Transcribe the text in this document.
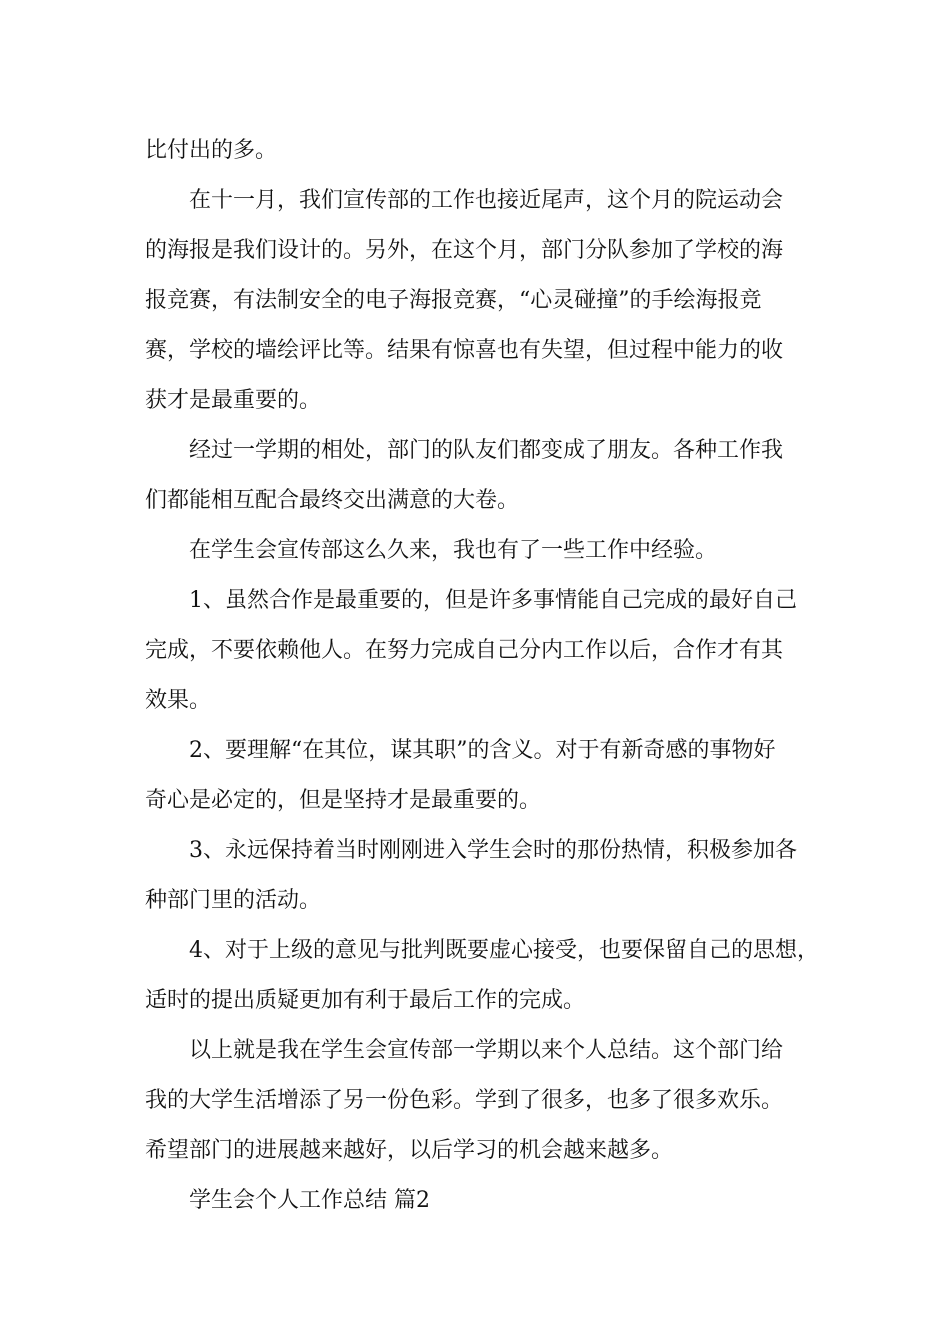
比付出的多。
在十一月，我们宣传部的工作也接近尾声，这个月的院运动会
的海报是我们设计的。另外，在这个月，部门分队参加了学校的海
报竞赛，有法制安全的电子海报竞赛，“心灵碰撞”的手绘海报竞
赛，学校的墙绘评比等。结果有惊喜也有失望，但过程中能力的收
获才是最重要的。
经过一学期的相处，部门的队友们都变成了朋友。各种工作我
们都能相互配合最终交出满意的大卷。
在学生会宣传部这么久来，我也有了一些工作中经验。
1、虽然合作是最重要的，但是许多事情能自己完成的最好自己
完成，不要依赖他人。在努力完成自己分内工作以后，合作才有其
效果。
2、要理解“在其位，谋其职”的含义。对于有新奇感的事物好
奇心是必定的，但是坚持才是最重要的。
3、永远保持着当时刚刚进入学生会时的那份热情，积极参加各
种部门里的活动。
4、对于上级的意见与批判既要虚心接受，也要保留自己的思想，
适时的提出质疑更加有利于最后工作的完成。
以上就是我在学生会宣传部一学期以来个人总结。这个部门给
我的大学生活增添了另一份色彩。学到了很多，也多了很多欢乐。
希望部门的进展越来越好，以后学习的机会越来越多。
学生会个人工作总结 篇2
